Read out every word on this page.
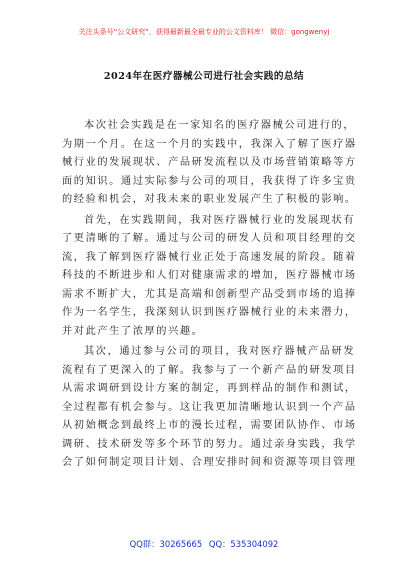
关注头条号“公文研究”，获得最新最全最专业的公文资料库！ 微信：gongwenyj
2024年在医疗器械公司进行社会实践的总结
本次社会实践是在一家知名的医疗器械公司进行的，
为期一个月。在这一个月的实践中，我深入了解了医疗器
械行业的发展现状、产品研发流程以及市场营销策略等方
面的知识。通过实际参与公司的项目，我获得了许多宝贵
的经验和机会，对我未来的职业发展产生了积极的影响。
首先，在实践期间，我对医疗器械行业的发展现状有
了更清晰的了解。通过与公司的研发人员和项目经理的交
流，我了解到医疗器械行业正处于高速发展的阶段。随着
科技的不断进步和人们对健康需求的增加，医疗器械市场
需求不断扩大，尤其是高端和创新型产品受到市场的追捧
作为一名学生，我深刻认识到医疗器械行业的未来潜力，
并对此产生了浓厚的兴趣。
其次，通过参与公司的项目，我对医疗器械产品研发
流程有了更深入的了解。我参与了一个新产品的研发项目
从需求调研到设计方案的制定，再到样品的制作和测试，
全过程都有机会参与。这让我更加清晰地认识到一个产品
从初始概念到最终上市的漫长过程，需要团队协作、市场
调研、技术研发等多个环节的努力。通过亲身实践，我学
会了如何制定项目计划、合理安排时间和资源等项目管理
QQ群：30265665 QQ：535304092
